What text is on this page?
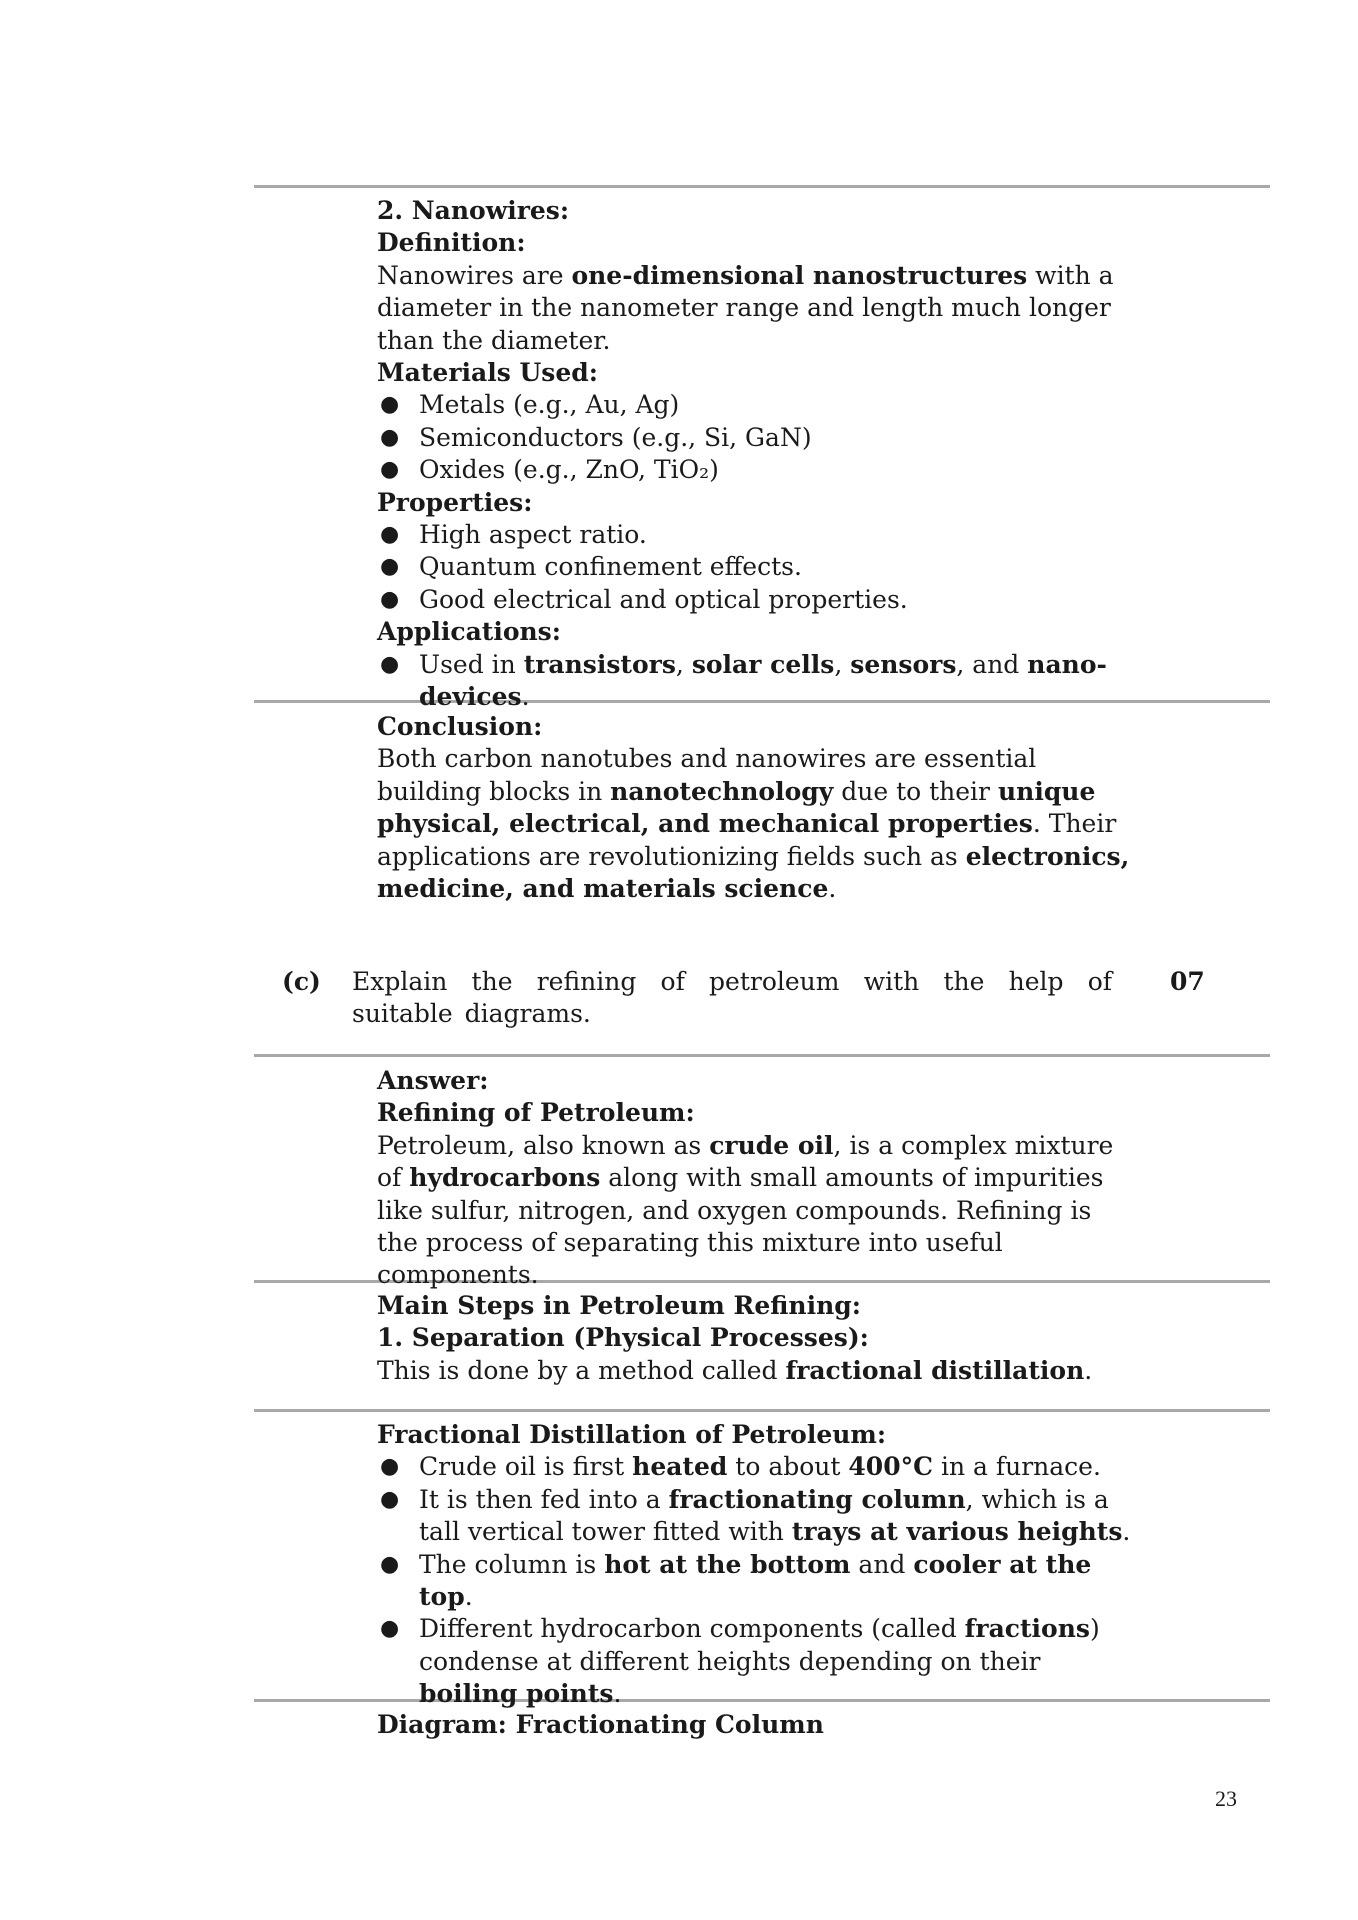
2. Nanowires:

Definition:

Nanowires are one-dimensional nanostructures with a diameter in the nanometer range and length much longer than the diameter.

Materials Used:

● Metals (e.g., Au, Ag)
● Semiconductors (e.g., Si, GaN)
● Oxides (e.g., ZnO, TiO₂)

Properties:

● High aspect ratio.
● Quantum confinement effects.
● Good electrical and optical properties.

Applications:

● Used in transistors, solar cells, sensors, and nano-devices.

Conclusion:

Both carbon nanotubes and nanowires are essential building blocks in nanotechnology due to their unique physical, electrical, and mechanical properties. Their applications are revolutionizing fields such as electronics, medicine, and materials science.

(c) Explain the refining of petroleum with the help of suitable diagrams.
07

Answer:

Refining of Petroleum:

Petroleum, also known as crude oil, is a complex mixture of hydrocarbons along with small amounts of impurities like sulfur, nitrogen, and oxygen compounds. Refining is the process of separating this mixture into useful components.

Main Steps in Petroleum Refining:

1. Separation (Physical Processes):

This is done by a method called fractional distillation.

Fractional Distillation of Petroleum:

● Crude oil is first heated to about 400°C in a furnace.
● It is then fed into a fractionating column, which is a tall vertical tower fitted with trays at various heights.
● The column is hot at the bottom and cooler at the top.
● Different hydrocarbon components (called fractions) condense at different heights depending on their boiling points.

Diagram: Fractionating Column

23
